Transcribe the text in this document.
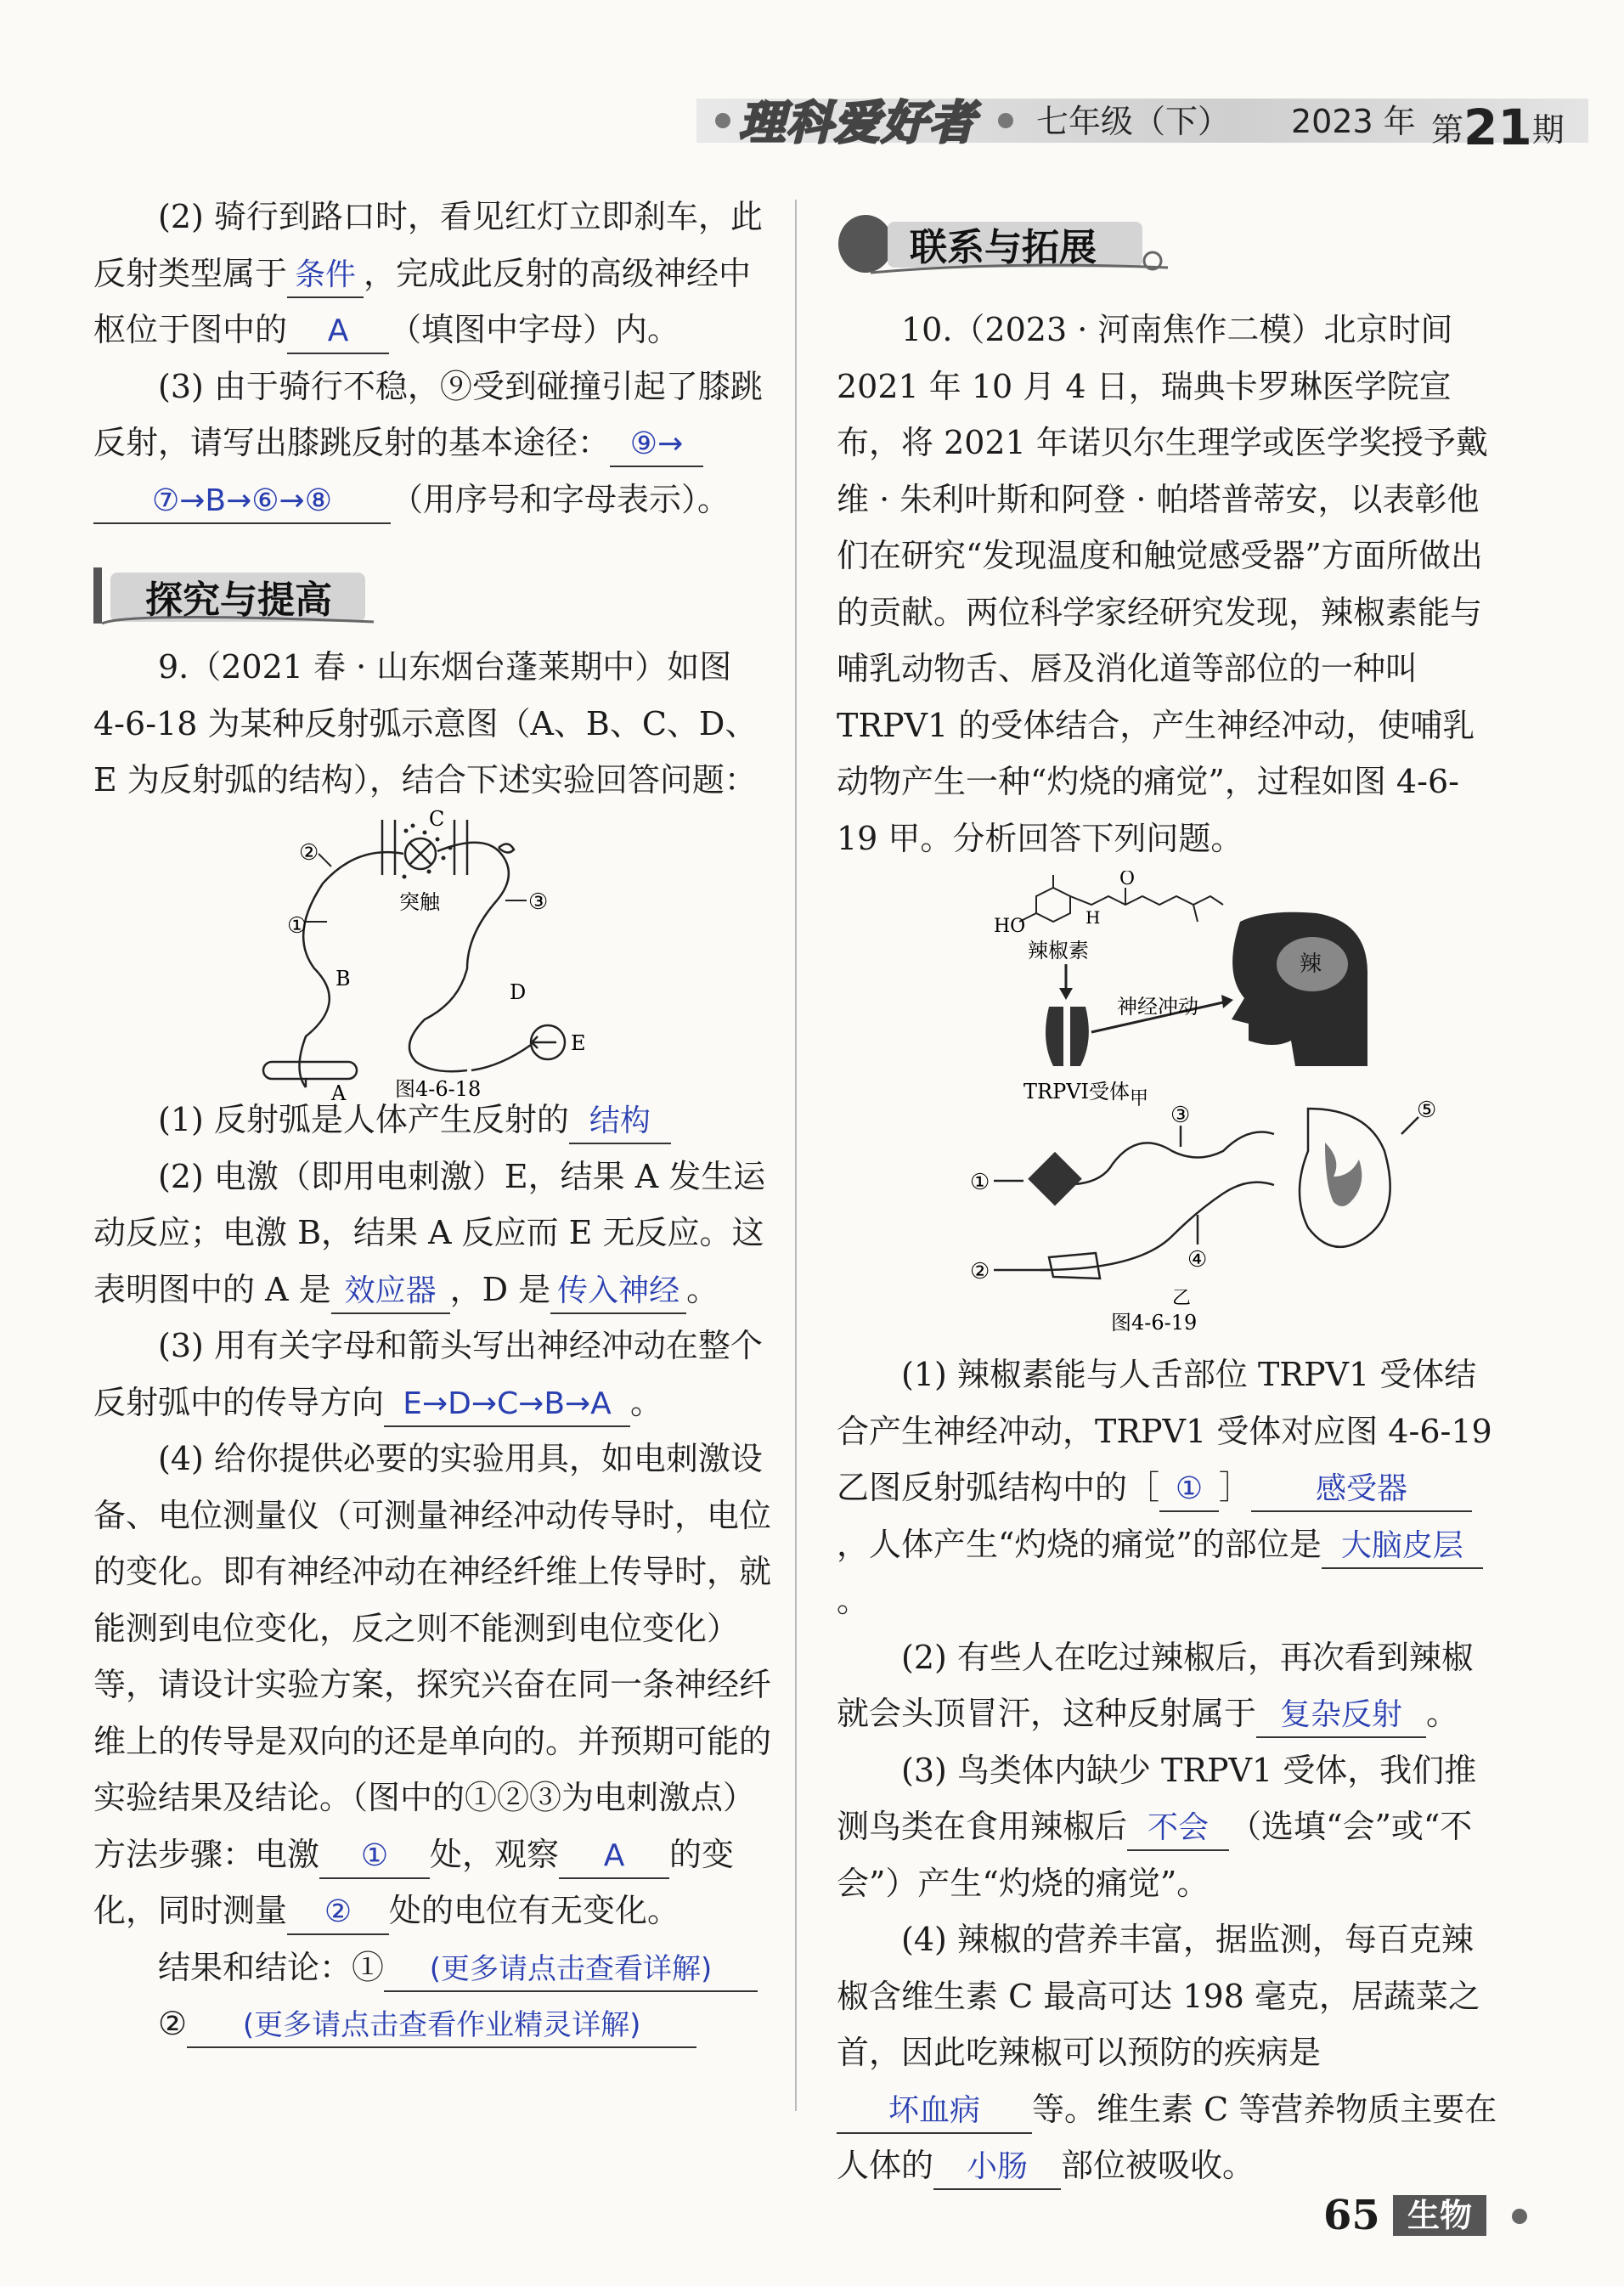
理科爱好者 七年级（下） 2023 年 第21期

(2) 骑行到路口时，看见红灯立即刹车，此反射类型属于 条件 ，完成此反射的高级神经中枢位于图中的 A （填图中字母）内。

(3) 由于骑行不稳，⑨受到碰撞引起了膝跳反射，请写出膝跳反射的基本途径： ⑨→
⑦→B→⑥→⑧ （用序号和字母表示）。

探究与提高

9.（2021 春 · 山东烟台蓬莱期中）如图 4-6-18 为某种反射弧示意图（A、B、C、D、E 为反射弧的结构），结合下述实验回答问题：

C
突触
①
②
③
B
D
E
A 图4-6-18

(1) 反射弧是人体产生反射的 结构

(2) 电激（即用电刺激）E，结果 A 发生运动反应；电激 B，结果 A 反应而 E 无反应。这表明图中的 A 是 效应器 ，D 是 传入神经 。

(3) 用有关字母和箭头写出神经冲动在整个反射弧中的传导方向 E→D→C→B→A 。

(4) 给你提供必要的实验用具，如电刺激设备、电位测量仪（可测量神经冲动传导时，电位的变化。即有神经冲动在神经纤维上传导时，就能测到电位变化，反之则不能测到电位变化）等，请设计实验方案，探究兴奋在同一条神经纤维上的传导是双向的还是单向的。并预期可能的实验结果及结论。（图中的①②③为电刺激点）

方法步骤：电激 ① 处，观察 A 的变化，同时测量 ② 处的电位有无变化。

结果和结论：① (更多请点击查看详解)

② (更多请点击查看作业精灵详解)

联系与拓展

10.（2023 · 河南焦作二模）北京时间 2021 年 10 月 4 日，瑞典卡罗琳医学院宣布，将 2021 年诺贝尔生理学或医学奖授予戴维 · 朱利叶斯和阿登 · 帕塔普蒂安，以表彰他们在研究“发现温度和触觉感受器”方面所做出的贡献。两位科学家经研究发现，辣椒素能与哺乳动物舌、唇及消化道等部位的一种叫 TRPV1 的受体结合，产生神经冲动，使哺乳动物产生一种“灼烧的痛觉”，过程如图 4-6-19 甲。分析回答下列问题。

HO
O
H
辣椒素
TRPVI受体 甲
神经冲动
辣
①
②
③
④
⑤
乙
图4-6-19

(1) 辣椒素能与人舌部位 TRPV1 受体结合产生神经冲动，TRPV1 受体对应图 4-6-19 乙图反射弧结构中的［ ① ］ 感受器，人体产生“灼烧的痛觉”的部位是 大脑皮层。

(2) 有些人在吃过辣椒后，再次看到辣椒就会头顶冒汗，这种反射属于 复杂反射 。

(3) 鸟类体内缺少 TRPV1 受体，我们推测鸟类在食用辣椒后 不会 （选填“会”或“不会”）产生“灼烧的痛觉”。

(4) 辣椒的营养丰富，据监测，每百克辣椒含维生素 C 最高可达 198 毫克，居蔬菜之首，因此吃辣椒可以预防的疾病是坏血病 等。维生素 C 等营养物质主要在人体的 小肠 部位被吸收。

65 生物
